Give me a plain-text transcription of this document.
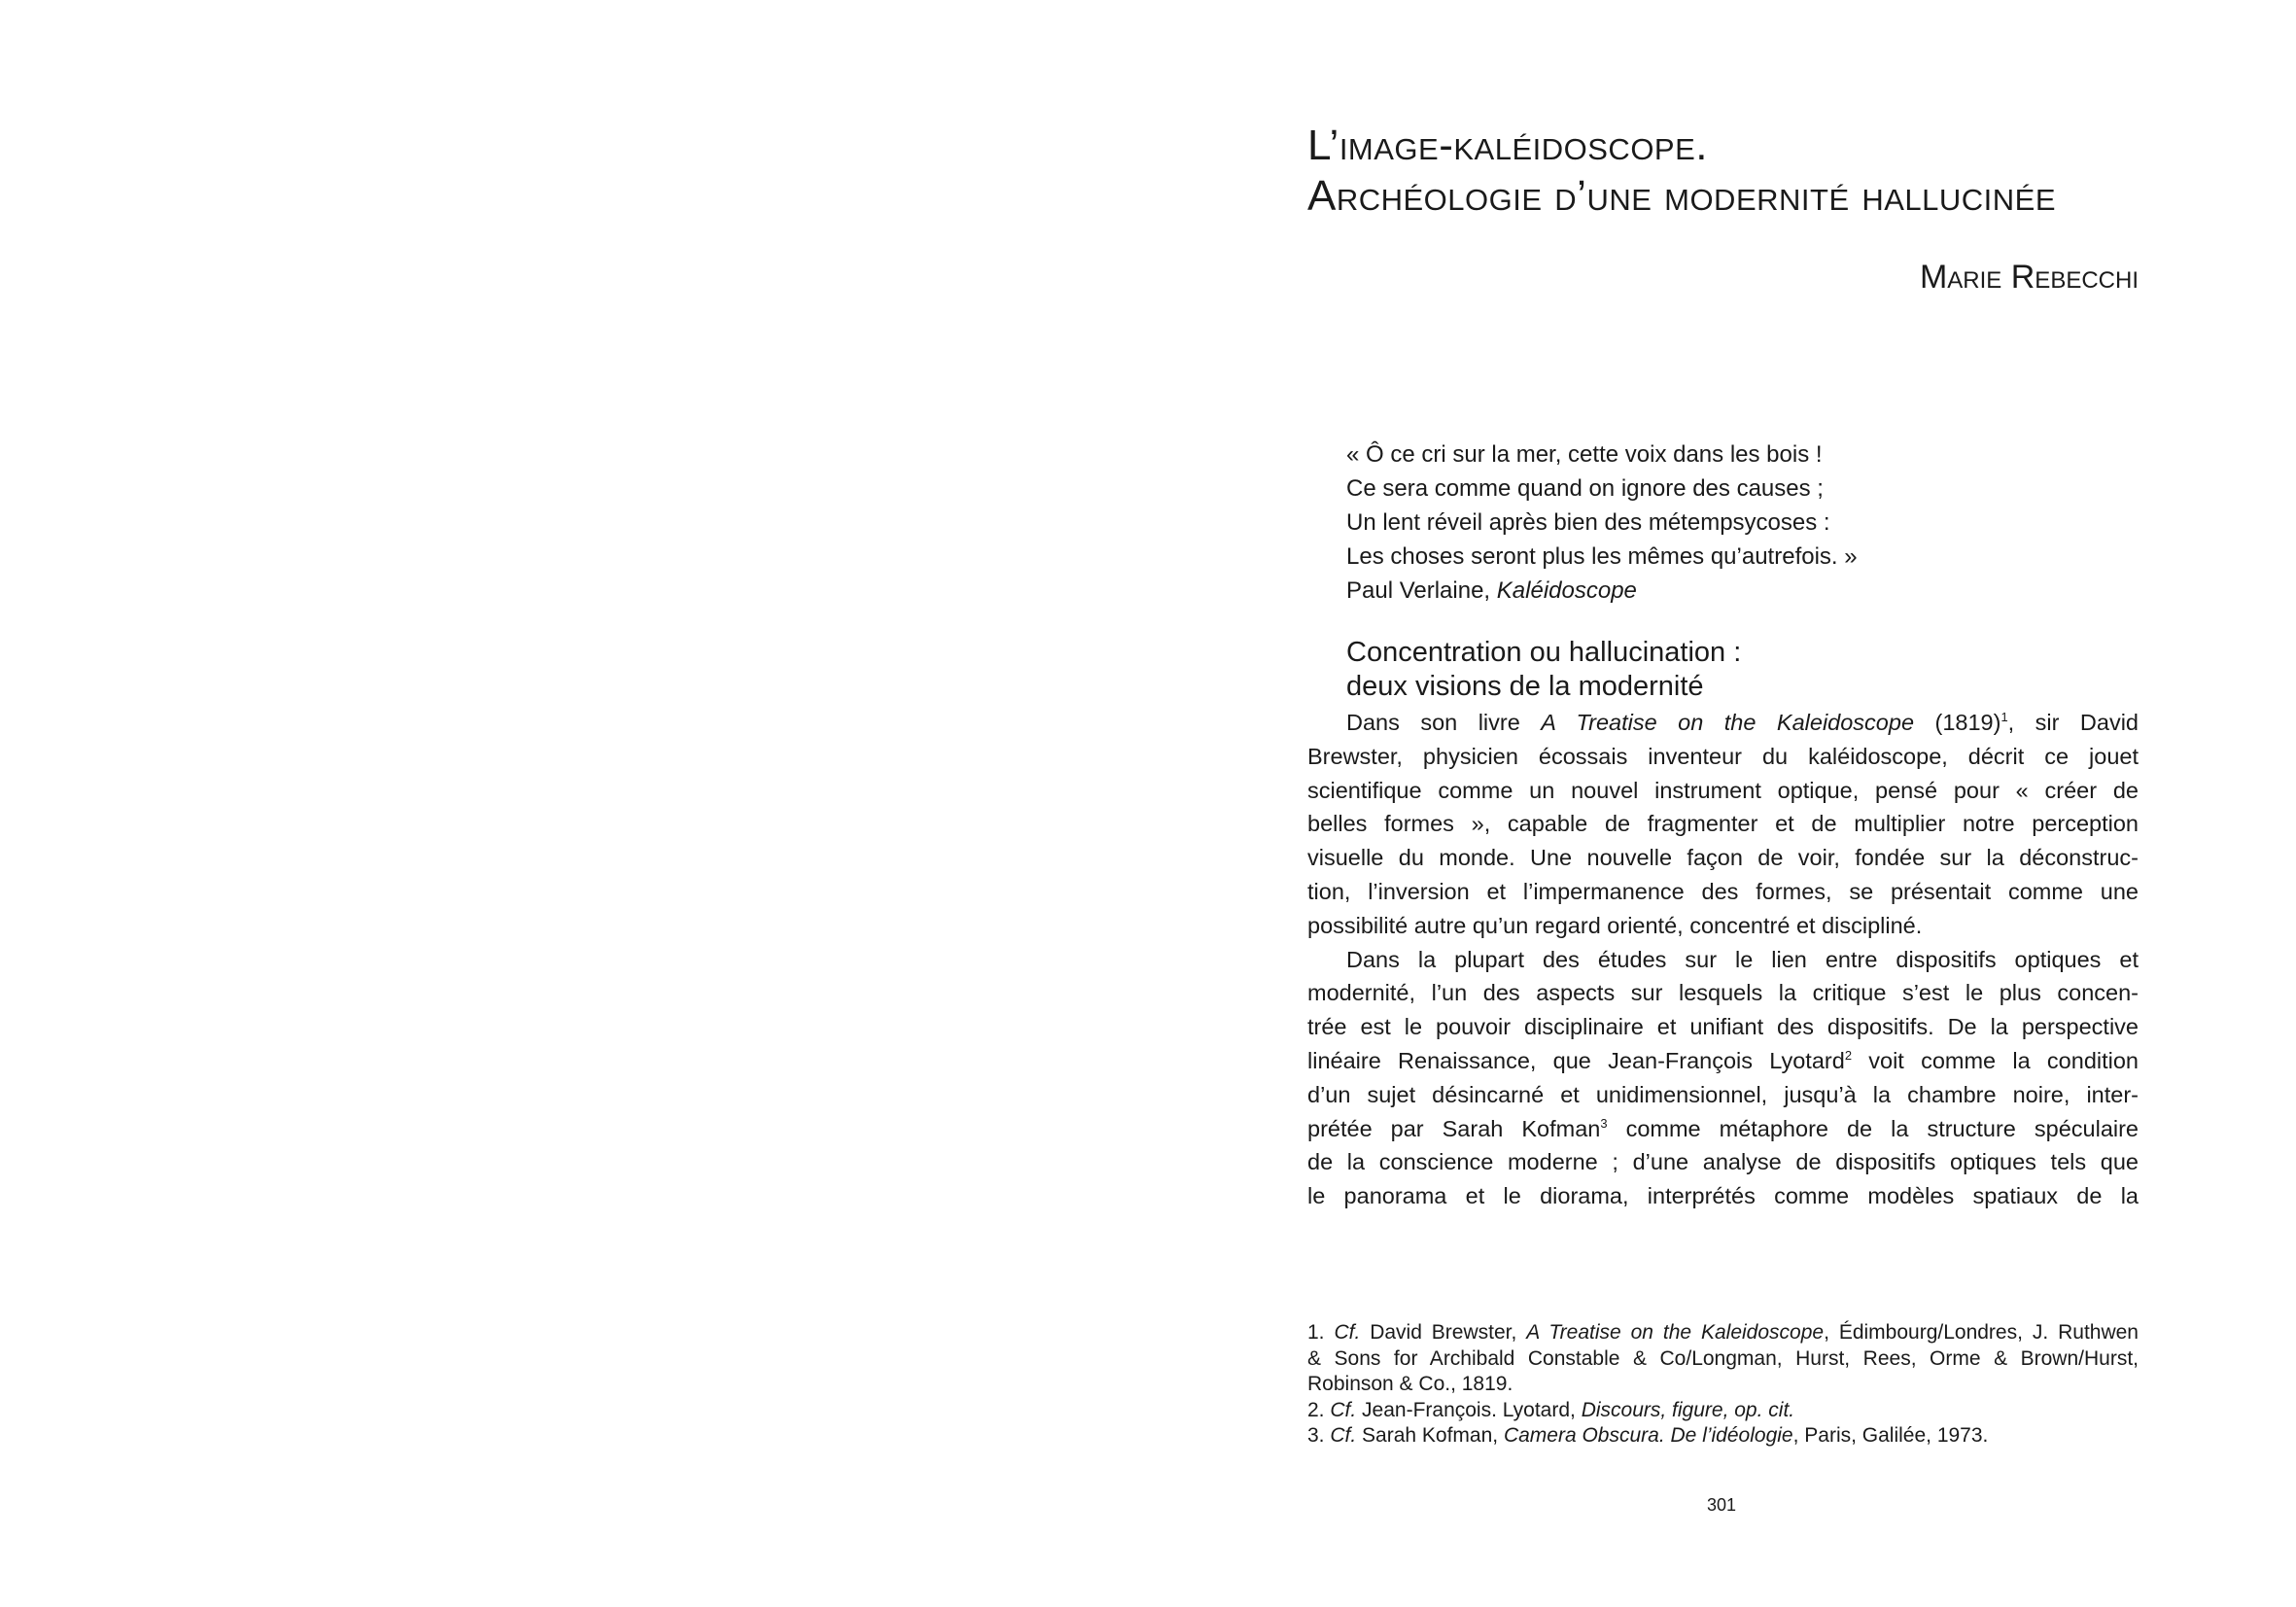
L’image-kaléidoscope.
Archéologie d’une modernité hallucinée
Marie Rebecchi
« Ô ce cri sur la mer, cette voix dans les bois !
Ce sera comme quand on ignore des causes ;
Un lent réveil après bien des métempsycoses :
Les choses seront plus les mêmes qu’autrefois. »
Paul Verlaine, Kaléidoscope
Concentration ou hallucination :
deux visions de la modernité
Dans son livre A Treatise on the Kaleidoscope $(1819)^1$, sir David
Brewster, physicien écossais inventeur du kaléidoscope, décrit ce jouet
scientifique comme un nouvel instrument optique, pensé pour « créer de
belles formes », capable de fragmenter et de multiplier notre perception
visuelle du monde. Une nouvelle façon de voir, fondée sur la déconstruc-
tion, l’inversion et l’impermanence des formes, se présentait comme une
possibilité autre qu’un regard orienté, concentré et discipliné.
Dans la plupart des études sur le lien entre dispositifs optiques et
modernité, l’un des aspects sur lesquels la critique s’est le plus concen-
trée est le pouvoir disciplinaire et unifiant des dispositifs. De la perspective
linéaire Renaissance, que Jean-François Lyotard$^2$ voit comme la condition
d’un sujet désincarné et unidimensionnel, jusqu’à la chambre noire, inter-
prétée par Sarah Kofman$^3$ comme métaphore de la structure spéculaire
de la conscience moderne ; d’une analyse de dispositifs optiques tels que
le panorama et le diorama, interprétés comme modèles spatiaux de la
1. Cf. David Brewster, A Treatise on the Kaleidoscope, Édimbourg/Londres, J. Ruthwen
& Sons for Archibald Constable & Co/Longman, Hurst, Rees, Orme & Brown/Hurst,
Robinson & Co., 1819.
2. Cf. Jean-François. Lyotard, Discours, figure, op. cit.
3. Cf. Sarah Kofman, Camera Obscura. De l’idéologie, Paris, Galilée, 1973.
301
